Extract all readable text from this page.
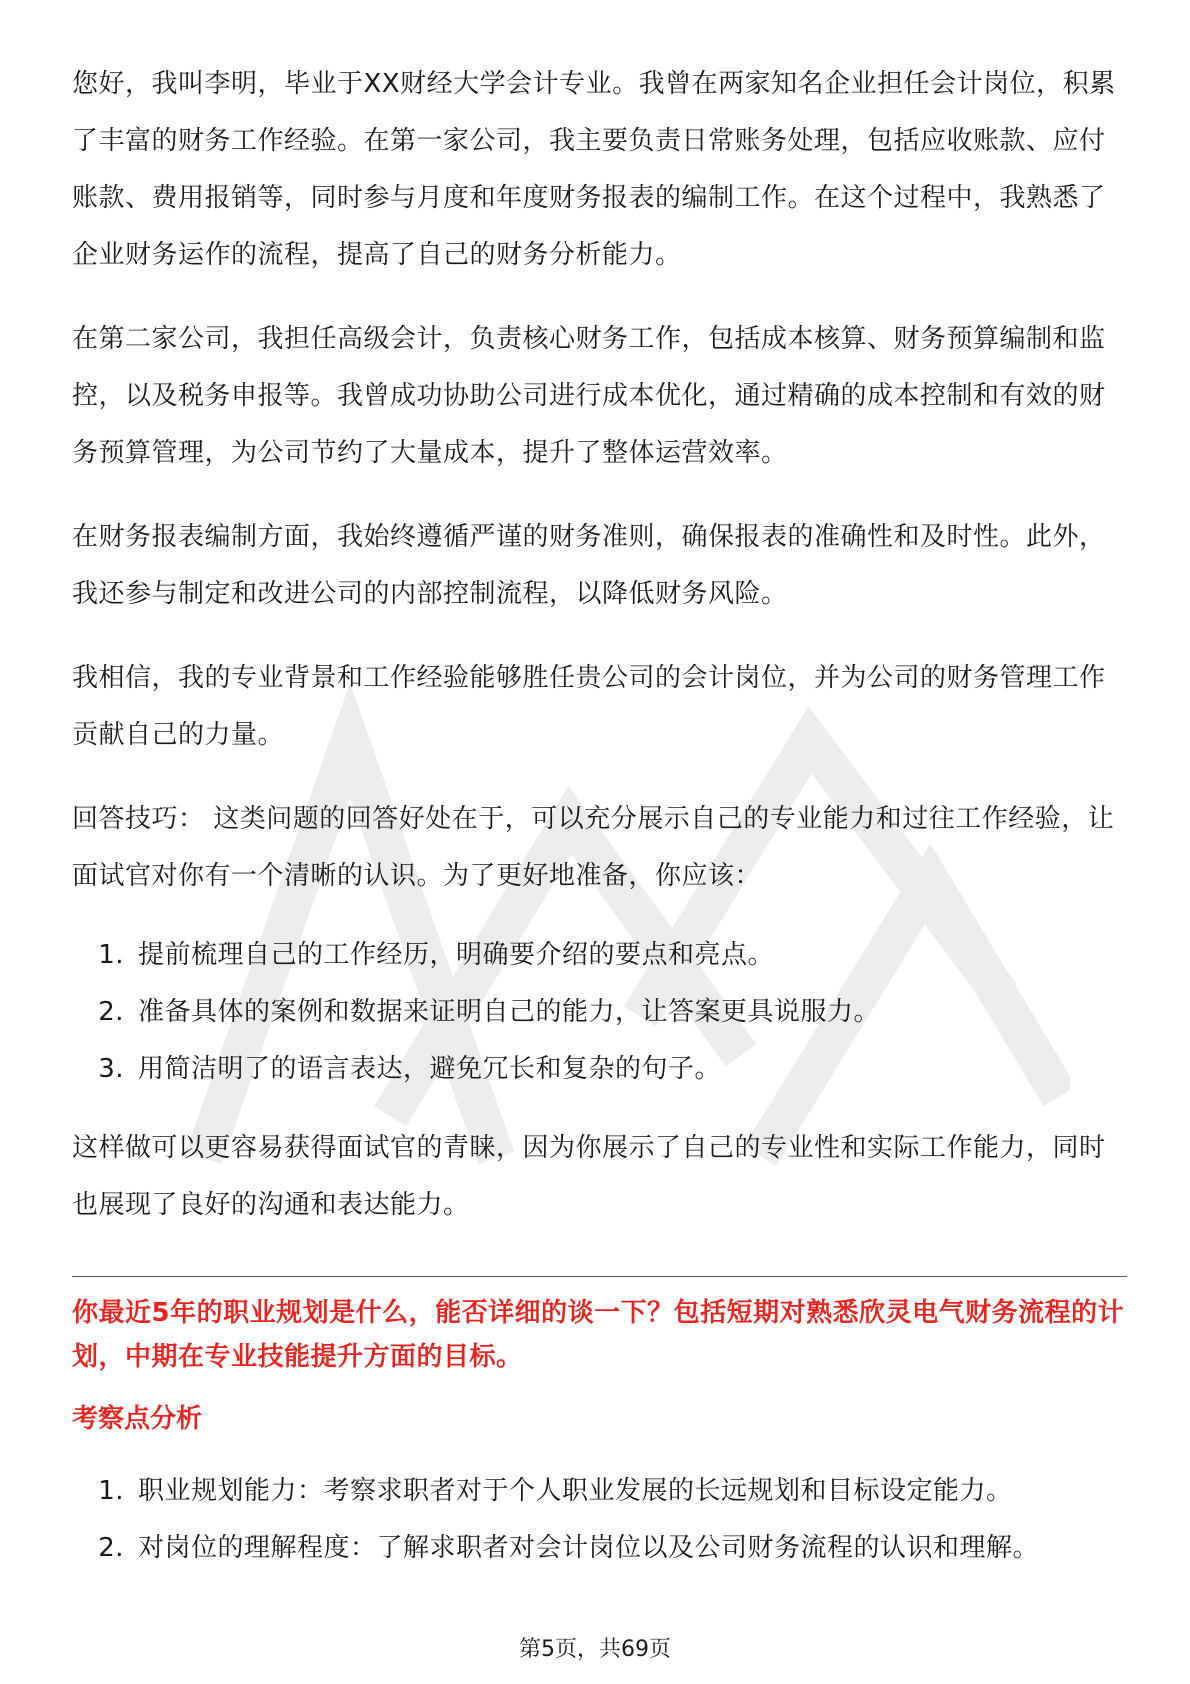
您好，我叫李明，毕业于XX财经大学会计专业。我曾在两家知名企业担任会计岗位，积累了丰富的财务工作经验。在第一家公司，我主要负责日常账务处理，包括应收账款、应付账款、费用报销等，同时参与月度和年度财务报表的编制工作。在这个过程中，我熟悉了企业财务运作的流程，提高了自己的财务分析能力。

在第二家公司，我担任高级会计，负责核心财务工作，包括成本核算、财务预算编制和监控，以及税务申报等。我曾成功协助公司进行成本优化，通过精确的成本控制和有效的财务预算管理，为公司节约了大量成本，提升了整体运营效率。

在财务报表编制方面，我始终遵循严谨的财务准则，确保报表的准确性和及时性。此外，我还参与制定和改进公司的内部控制流程，以降低财务风险。

我相信，我的专业背景和工作经验能够胜任贵公司的会计岗位，并为公司的财务管理工作贡献自己的力量。

回答技巧： 这类问题的回答好处在于，可以充分展示自己的专业能力和过往工作经验，让面试官对你有一个清晰的认识。为了更好地准备，你应该：

1. 提前梳理自己的工作经历，明确要介绍的要点和亮点。
2. 准备具体的案例和数据来证明自己的能力，让答案更具说服力。
3. 用简洁明了的语言表达，避免冗长和复杂的句子。

这样做可以更容易获得面试官的青睐，因为你展示了自己的专业性和实际工作能力，同时也展现了良好的沟通和表达能力。

你最近5年的职业规划是什么，能否详细的谈一下？包括短期对熟悉欣灵电气财务流程的计划，中期在专业技能提升方面的目标。
考察点分析
1. 职业规划能力：考察求职者对于个人职业发展的长远规划和目标设定能力。
2. 对岗位的理解程度：了解求职者对会计岗位以及公司财务流程的认识和理解。
第5页，共69页
